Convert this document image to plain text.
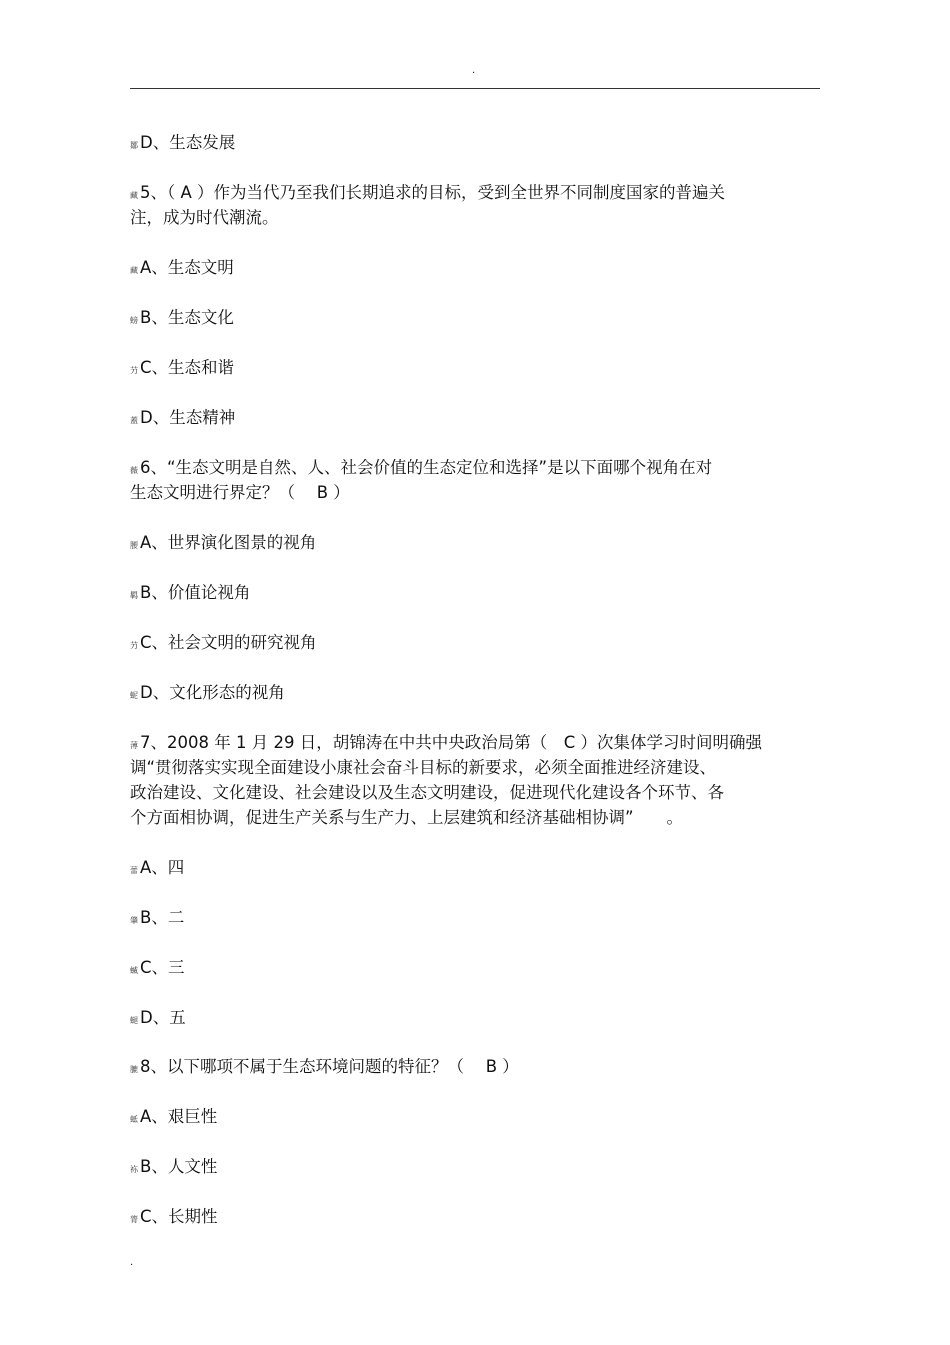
.
鄒 D、生态发展
藏 5、（ A ）作为当代乃至我们长期追求的目标，受到全世界不同制度国家的普遍关
注，成为时代潮流。
藏 A、生态文明
螃 B、生态文化
芀 C、生态和谐
蓋 D、生态精神
薇 6、“生态文明是自然、人、社会价值的生态定位和选择”是以下面哪个视角在对
生态文明进行界定？（　 B ）
腰 A、世界演化图景的视角
羁 B、价值论视角
芀 C、社会文明的研究视角
蚭 D、文化形态的视角
薄 7、2008 年 1 月 29 日，胡锦涛在中共中央政治局第（　C ）次集体学习时间明确强
调“贯彻落实实现全面建设小康社会奋斗目标的新要求，必须全面推进经济建设、
政治建设、文化建设、社会建设以及生态文明建设，促进现代化建设各个环节、各
个方面相协调，促进生产关系与生产力、上层建筑和经济基础相协调”　　。
蕾 A、四
肇 B、二
蝛 C、三
螁 D、五
膔 8、以下哪项不属于生态环境问题的特征？（　 B ）
蚳 A、艰巨性
袮 B、人文性
膂 C、长期性
.
